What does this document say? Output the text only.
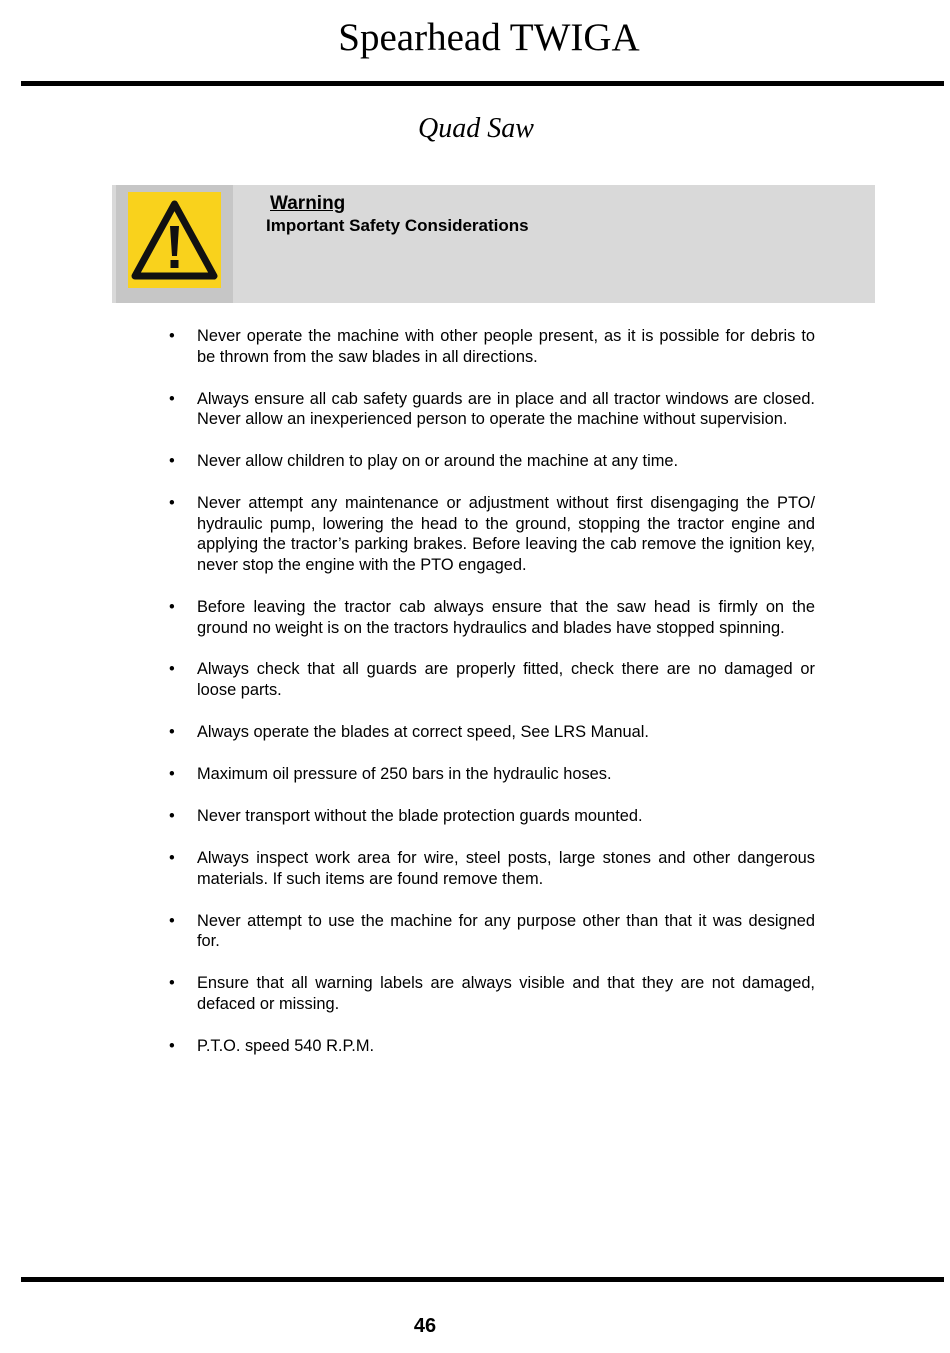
Spearhead TWIGA
Quad Saw
Warning
Important Safety Considerations
• Never operate the machine with other people present, as it is possible for debris to be thrown from the saw blades in all directions.
• Always ensure all cab safety guards are in place and all tractor windows are closed. Never allow an inexperienced person to operate the machine without supervision.
• Never allow children to play on or around the machine at any time.
• Never attempt any maintenance or adjustment without first disengaging the PTO/ hydraulic pump, lowering the head to the ground, stopping the tractor engine and applying the tractor’s parking brakes. Before leaving the cab remove the ignition key, never stop the engine with the PTO engaged.
• Before leaving the tractor cab always ensure that the saw head is firmly on the ground no weight is on the tractors hydraulics and blades have stopped spinning.
• Always check that all guards are properly fitted, check there are no damaged or loose parts.
• Always operate the blades at correct speed, See LRS Manual.
• Maximum oil pressure of 250 bars in the hydraulic hoses.
• Never transport without the blade protection guards mounted.
• Always inspect work area for wire, steel posts, large stones and other dangerous materials. If such items are found remove them.
• Never attempt to use the machine for any purpose other than that it was designed for.
• Ensure that all warning labels are always visible and that they are not damaged, defaced or missing.
• P.T.O. speed 540 R.P.M.
46
